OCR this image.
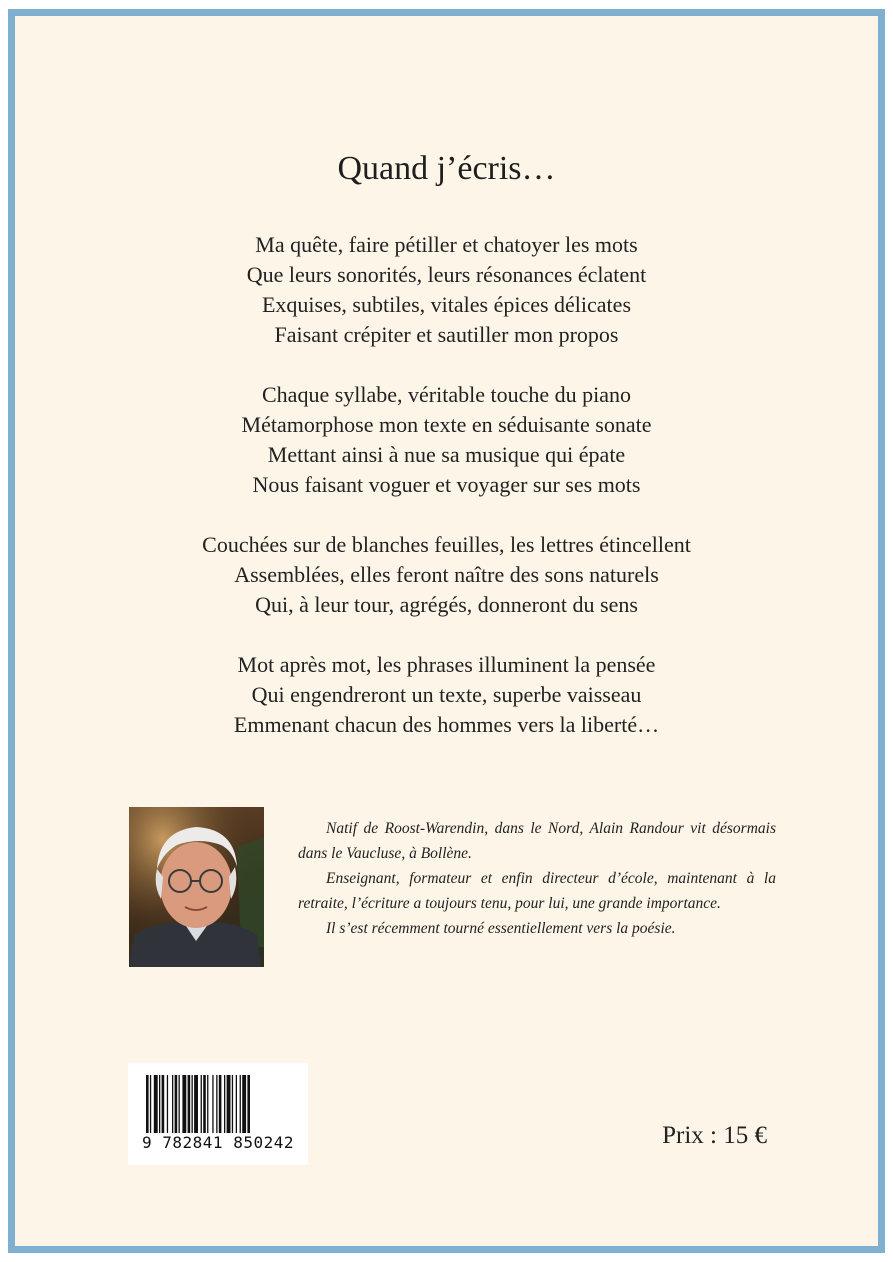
Quand j’écris…
Ma quête, faire pétiller et chatoyer les mots
Que leurs sonorités, leurs résonances éclatent
Exquises, subtiles, vitales épices délicates
Faisant crépiter et sautiller mon propos
Chaque syllabe, véritable touche du piano
Métamorphose mon texte en séduisante sonate
Mettant ainsi à nue sa musique qui épate
Nous faisant voguer et voyager sur ses mots
Couchées sur de blanches feuilles, les lettres étincellent
Assemblées, elles feront naître des sons naturels
Qui, à leur tour, agrégés, donneront du sens
Mot après mot, les phrases illuminent la pensée
Qui engendreront un texte, superbe vaisseau
Emmenant chacun des hommes vers la liberté…

Natif de Roost-Warendin, dans le Nord, Alain Randour vit désormais dans le Vaucluse, à Bollène.

Enseignant, formateur et enfin directeur d’école, maintenant à la retraite, l’écriture a toujours tenu, pour lui, une grande importance.

Il s’est récemment tourné essentiellement vers la poésie.

9 782841 850242	Prix : 15 €
